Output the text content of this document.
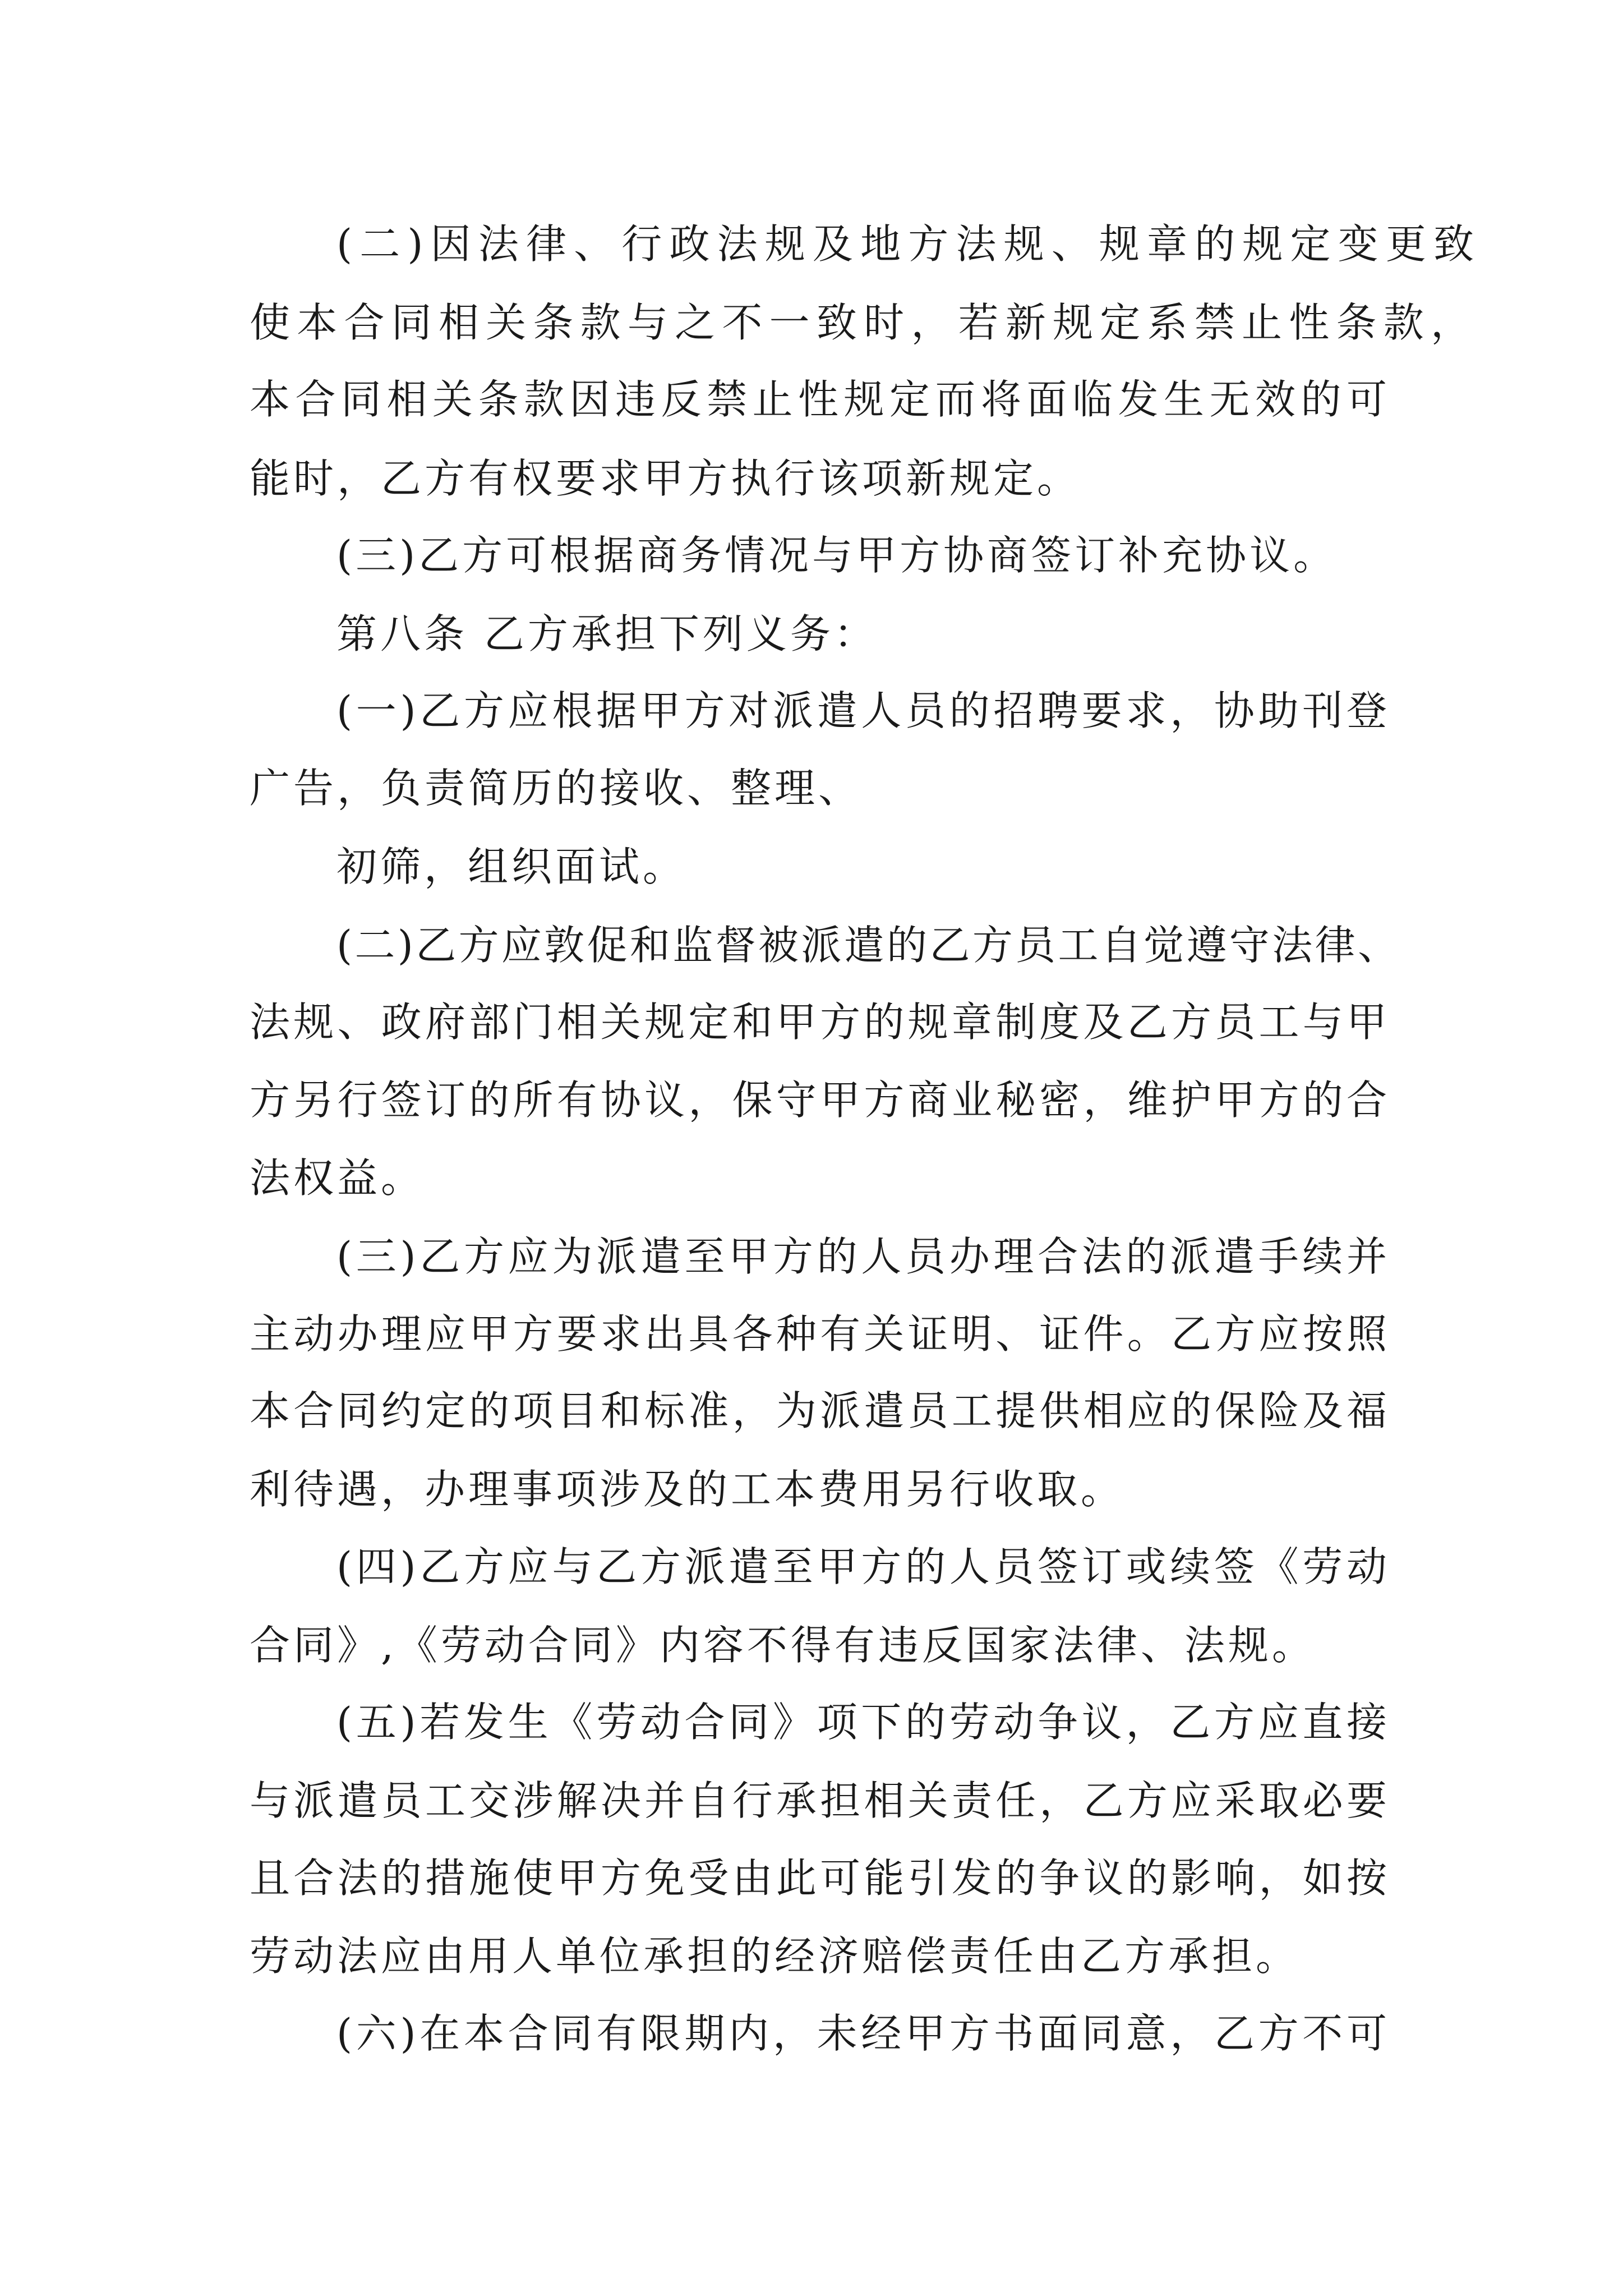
(二)因法律、行政法规及地方法规、规章的规定变更致

使本合同相关条款与之不一致时，若新规定系禁止性条款，

本合同相关条款因违反禁止性规定而将面临发生无效的可

能时，乙方有权要求甲方执行该项新规定。

(三)乙方可根据商务情况与甲方协商签订补充协议。

第八条 乙方承担下列义务：

(一)乙方应根据甲方对派遣人员的招聘要求，协助刊登

广告，负责简历的接收、整理、

初筛，组织面试。

(二)乙方应敦促和监督被派遣的乙方员工自觉遵守法律、

法规、政府部门相关规定和甲方的规章制度及乙方员工与甲

方另行签订的所有协议，保守甲方商业秘密，维护甲方的合

法权益。

(三)乙方应为派遣至甲方的人员办理合法的派遣手续并

主动办理应甲方要求出具各种有关证明、证件。乙方应按照

本合同约定的项目和标准，为派遣员工提供相应的保险及福

利待遇，办理事项涉及的工本费用另行收取。

(四)乙方应与乙方派遣至甲方的人员签订或续签《劳动

合同》,《劳动合同》内容不得有违反国家法律、法规。

(五)若发生《劳动合同》项下的劳动争议，乙方应直接

与派遣员工交涉解决并自行承担相关责任，乙方应采取必要

且合法的措施使甲方免受由此可能引发的争议的影响，如按

劳动法应由用人单位承担的经济赔偿责任由乙方承担。

(六)在本合同有限期内，未经甲方书面同意，乙方不可
